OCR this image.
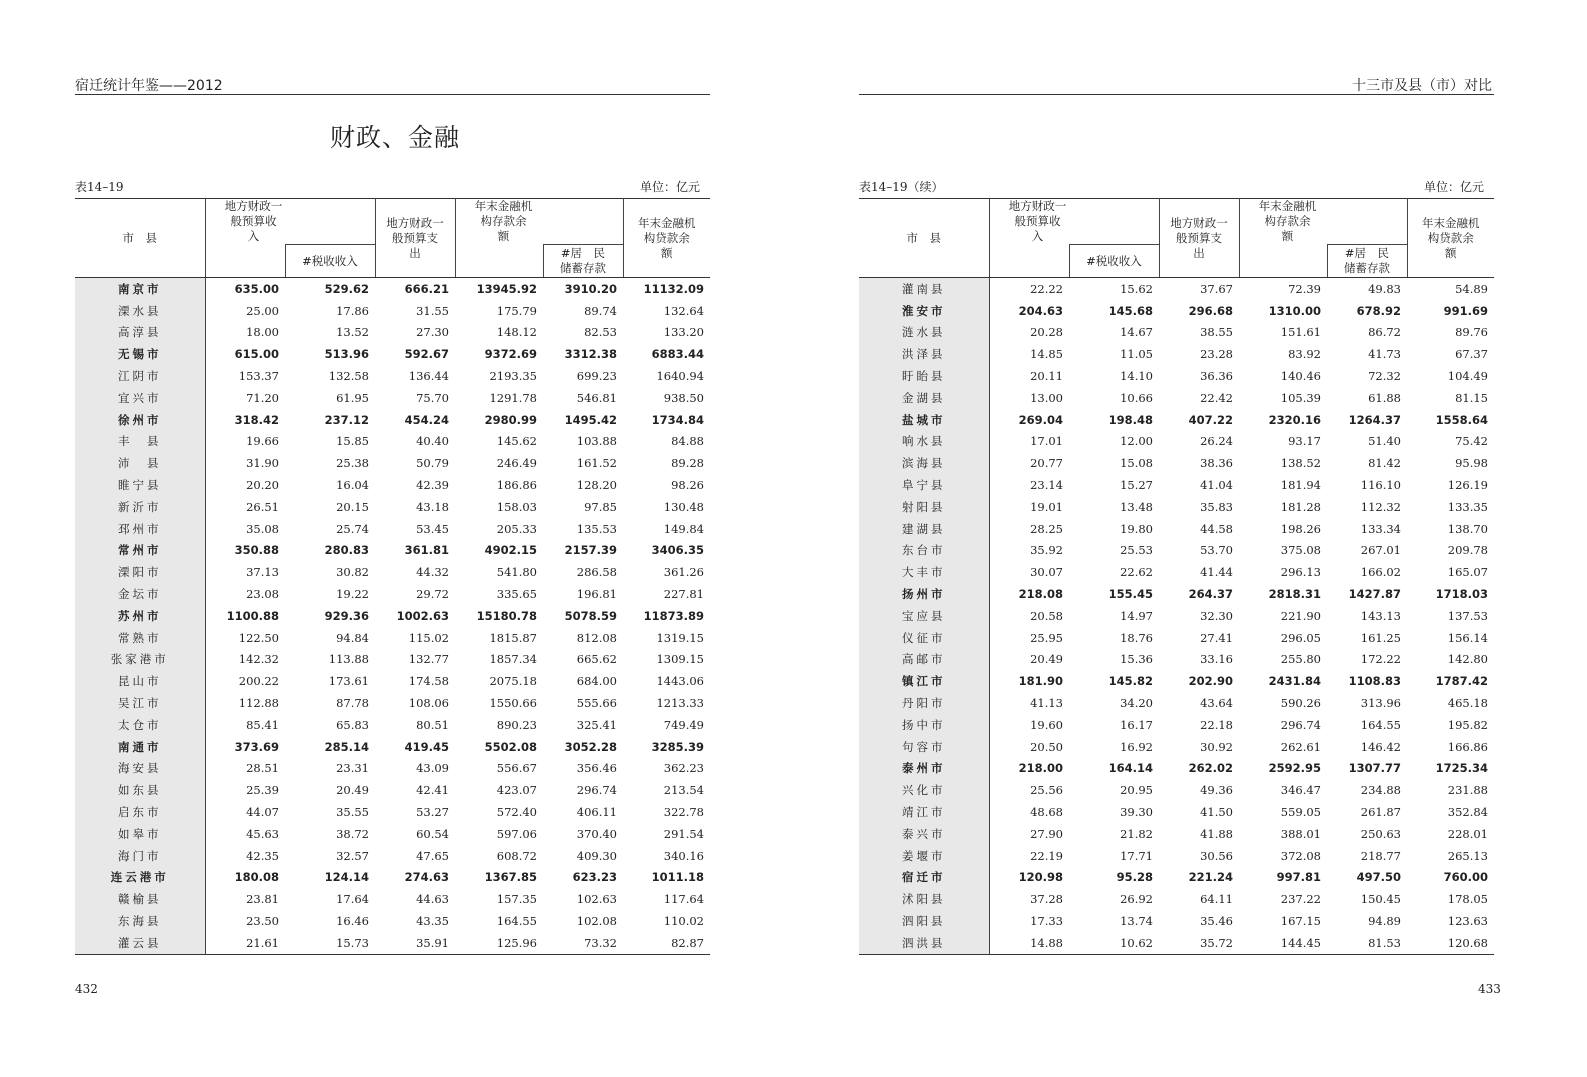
宿迁统计年鉴——2012
财政、金融
表14–19	单位：亿元
市　县	地方财政一般预算收　入		地方财政一般预算支　出	年末金融机构存款余　额		年末金融机构贷款余　额

		#税收收入			#居　民储蓄存款	

南京市	635.00	529.62	666.21	13945.92	3910.20	11132.09
溧水县	25.00	17.86	31.55	175.79	89.74	132.64
高淳县	18.00	13.52	27.30	148.12	82.53	133.20
无锡市	615.00	513.96	592.67	9372.69	3312.38	6883.44
江阴市	153.37	132.58	136.44	2193.35	699.23	1640.94
宜兴市	71.20	61.95	75.70	1291.78	546.81	938.50
徐州市	318.42	237.12	454.24	2980.99	1495.42	1734.84
丰　县	19.66	15.85	40.40	145.62	103.88	84.88
沛　县	31.90	25.38	50.79	246.49	161.52	89.28
睢宁县	20.20	16.04	42.39	186.86	128.20	98.26
新沂市	26.51	20.15	43.18	158.03	97.85	130.48
邳州市	35.08	25.74	53.45	205.33	135.53	149.84
常州市	350.88	280.83	361.81	4902.15	2157.39	3406.35
溧阳市	37.13	30.82	44.32	541.80	286.58	361.26
金坛市	23.08	19.22	29.72	335.65	196.81	227.81
苏州市	1100.88	929.36	1002.63	15180.78	5078.59	11873.89
常熟市	122.50	94.84	115.02	1815.87	812.08	1319.15
张家港市	142.32	113.88	132.77	1857.34	665.62	1309.15
昆山市	200.22	173.61	174.58	2075.18	684.00	1443.06
吴江市	112.88	87.78	108.06	1550.66	555.66	1213.33
太仓市	85.41	65.83	80.51	890.23	325.41	749.49
南通市	373.69	285.14	419.45	5502.08	3052.28	3285.39
海安县	28.51	23.31	43.09	556.67	356.46	362.23
如东县	25.39	20.49	42.41	423.07	296.74	213.54
启东市	44.07	35.55	53.27	572.40	406.11	322.78
如皋市	45.63	38.72	60.54	597.06	370.40	291.54
海门市	42.35	32.57	47.65	608.72	409.30	340.16
连云港市	180.08	124.14	274.63	1367.85	623.23	1011.18
赣榆县	23.81	17.64	44.63	157.35	102.63	117.64
东海县	23.50	16.46	43.35	164.55	102.08	110.02
灌云县	21.61	15.73	35.91	125.96	73.32	82.87
432
十三市及县（市）对比
表14–19（续）	单位：亿元
市　县	地方财政一般预算收　入		地方财政一般预算支　出	年末金融机构存款余　额		年末金融机构贷款余　额

		#税收收入			#居　民储蓄存款	

灌南县	22.22	15.62	37.67	72.39	49.83	54.89
淮安市	204.63	145.68	296.68	1310.00	678.92	991.69
涟水县	20.28	14.67	38.55	151.61	86.72	89.76
洪泽县	14.85	11.05	23.28	83.92	41.73	67.37
盱眙县	20.11	14.10	36.36	140.46	72.32	104.49
金湖县	13.00	10.66	22.42	105.39	61.88	81.15
盐城市	269.04	198.48	407.22	2320.16	1264.37	1558.64
响水县	17.01	12.00	26.24	93.17	51.40	75.42
滨海县	20.77	15.08	38.36	138.52	81.42	95.98
阜宁县	23.14	15.27	41.04	181.94	116.10	126.19
射阳县	19.01	13.48	35.83	181.28	112.32	133.35
建湖县	28.25	19.80	44.58	198.26	133.34	138.70
东台市	35.92	25.53	53.70	375.08	267.01	209.78
大丰市	30.07	22.62	41.44	296.13	166.02	165.07
扬州市	218.08	155.45	264.37	2818.31	1427.87	1718.03
宝应县	20.58	14.97	32.30	221.90	143.13	137.53
仪征市	25.95	18.76	27.41	296.05	161.25	156.14
高邮市	20.49	15.36	33.16	255.80	172.22	142.80
镇江市	181.90	145.82	202.90	2431.84	1108.83	1787.42
丹阳市	41.13	34.20	43.64	590.26	313.96	465.18
扬中市	19.60	16.17	22.18	296.74	164.55	195.82
句容市	20.50	16.92	30.92	262.61	146.42	166.86
泰州市	218.00	164.14	262.02	2592.95	1307.77	1725.34
兴化市	25.56	20.95	49.36	346.47	234.88	231.88
靖江市	48.68	39.30	41.50	559.05	261.87	352.84
泰兴市	27.90	21.82	41.88	388.01	250.63	228.01
姜堰市	22.19	17.71	30.56	372.08	218.77	265.13
宿迁市	120.98	95.28	221.24	997.81	497.50	760.00
沭阳县	37.28	26.92	64.11	237.22	150.45	178.05
泗阳县	17.33	13.74	35.46	167.15	94.89	123.63
泗洪县	14.88	10.62	35.72	144.45	81.53	120.68
433
